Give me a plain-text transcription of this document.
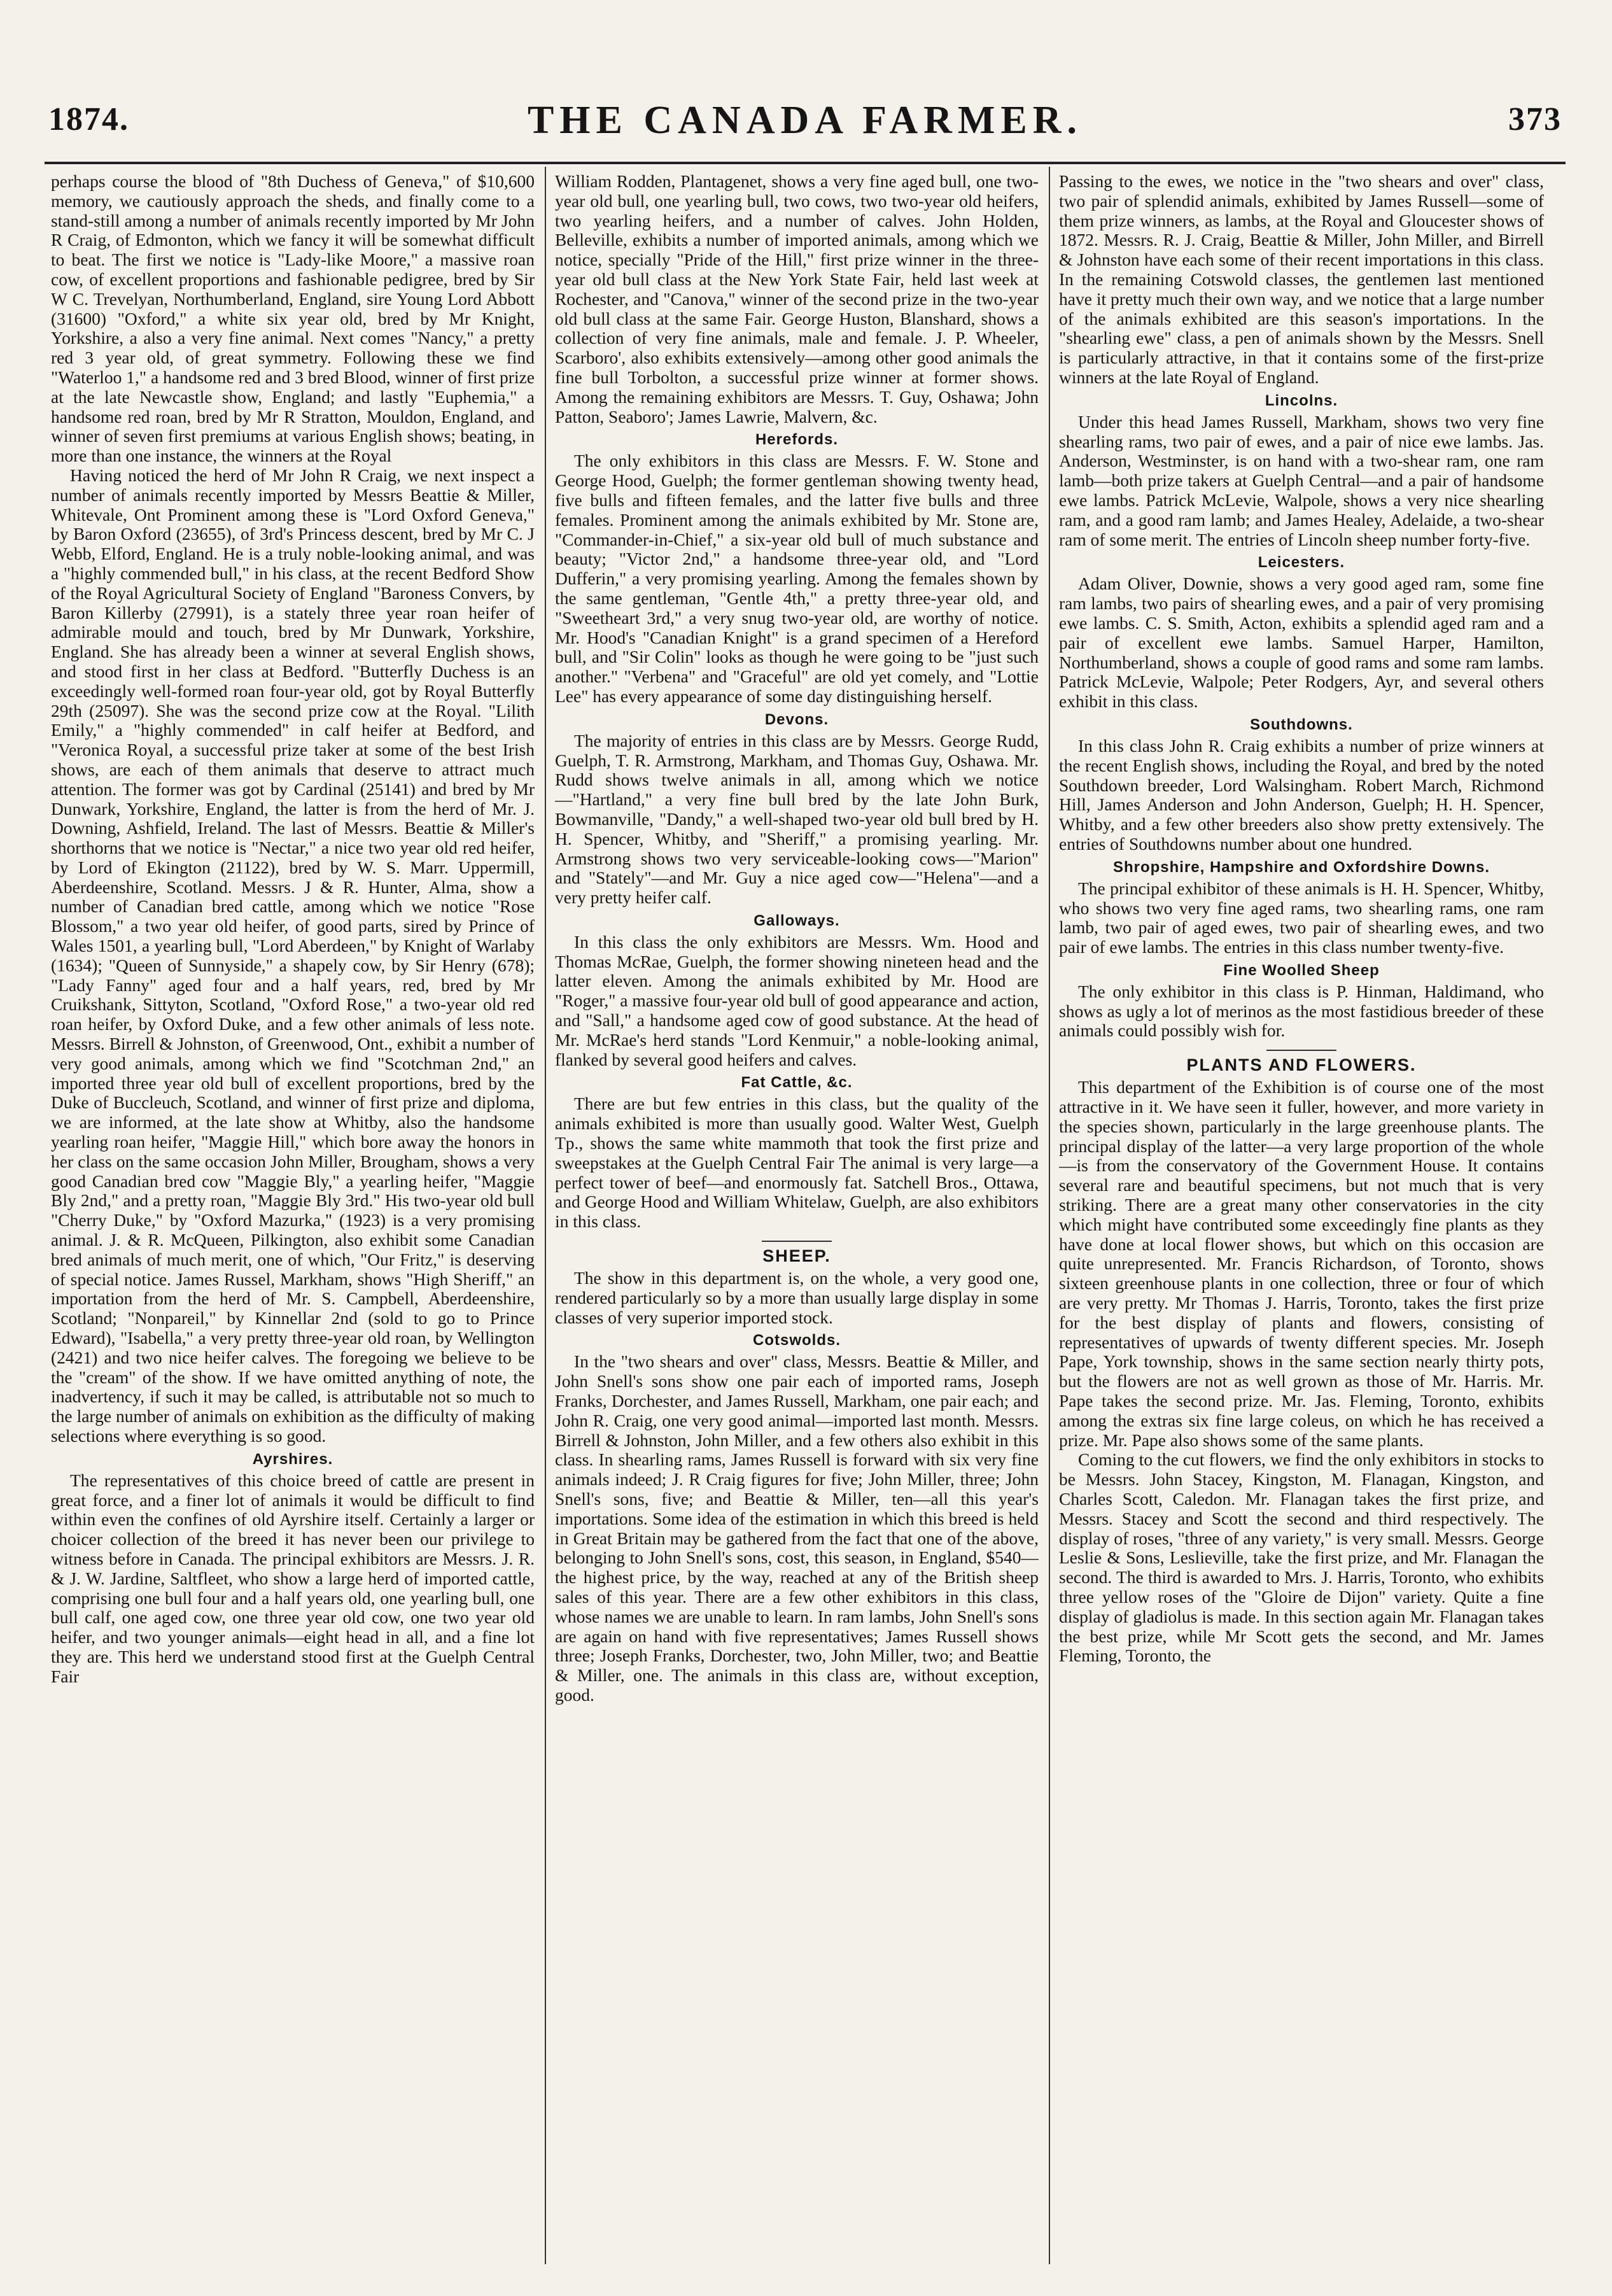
1874.	THE CANADA FARMER.	373

perhaps course the blood of "8th Duchess of Geneva," of $10,600 memory, we cautiously approach the sheds, and finally come to a stand-still among a number of animals recently imported by Mr John R Craig, of Edmonton, which we fancy it will be somewhat difficult to beat. The first we notice is "Lady-like Moore," a massive roan cow, of excellent proportions and fashionable pedigree, bred by Sir W C. Trevelyan, Northumberland, England, sire Young Lord Abbott (31600) "Oxford," a white six year old, bred by Mr Knight, Yorkshire, a also a very fine animal. Next comes "Nancy," a pretty red 3 year old, of great symmetry. Following these we find "Waterloo 1," a handsome red and 3 bred Blood, winner of first prize at the late Newcastle show, England; and lastly "Euphemia," a handsome red roan, bred by Mr R Stratton, Mouldon, England, and winner of seven first premiums at various English shows; beating, in more than one instance, the winners at the Royal

Having noticed the herd of Mr John R Craig, we next inspect a number of animals recently imported by Messrs Beattie & Miller, Whitevale, Ont Prominent among these is "Lord Oxford Geneva," by Baron Oxford (23655), of 3rd's Princess descent, bred by Mr C. J Webb, Elford, England. He is a truly noble-looking animal, and was a "highly commended bull," in his class, at the recent Bedford Show of the Royal Agricultural Society of England "Baroness Convers, by Baron Killerby (27991), is a stately three year roan heifer of admirable mould and touch, bred by Mr Dunwark, Yorkshire, England. She has already been a winner at several English shows, and stood first in her class at Bedford. "Butterfly Duchess is an exceedingly well-formed roan four-year old, got by Royal Butterfly 29th (25097). She was the second prize cow at the Royal. "Lilith Emily," a "highly commended" in calf heifer at Bedford, and "Veronica Royal, a successful prize taker at some of the best Irish shows, are each of them animals that deserve to attract much attention. The former was got by Cardinal (25141) and bred by Mr Dunwark, Yorkshire, England, the latter is from the herd of Mr. J. Downing, Ashfield, Ireland. The last of Messrs. Beattie & Miller's shorthorns that we notice is "Nectar," a nice two year old red heifer, by Lord of Ekington (21122), bred by W. S. Marr. Uppermill, Aberdeenshire, Scotland. Messrs. J & R. Hunter, Alma, show a number of Canadian bred cattle, among which we notice "Rose Blossom," a two year old heifer, of good parts, sired by Prince of Wales 1501, a yearling bull, "Lord Aberdeen," by Knight of Warlaby (1634); "Queen of Sunnyside," a shapely cow, by Sir Henry (678); "Lady Fanny" aged four and a half years, red, bred by Mr Cruikshank, Sittyton, Scotland, "Oxford Rose," a two-year old red roan heifer, by Oxford Duke, and a few other animals of less note. Messrs. Birrell & Johnston, of Greenwood, Ont., exhibit a number of very good animals, among which we find "Scotchman 2nd," an imported three year old bull of excellent proportions, bred by the Duke of Buccleuch, Scotland, and winner of first prize and diploma, we are informed, at the late show at Whitby, also the handsome yearling roan heifer, "Maggie Hill," which bore away the honors in her class on the same occasion John Miller, Brougham, shows a very good Canadian bred cow "Maggie Bly," a yearling heifer, "Maggie Bly 2nd," and a pretty roan, "Maggie Bly 3rd." His two-year old bull "Cherry Duke," by "Oxford Mazurka," (1923) is a very promising animal. J. & R. McQueen, Pilkington, also exhibit some Canadian bred animals of much merit, one of which, "Our Fritz," is deserving of special notice. James Russel, Markham, shows "High Sheriff," an importation from the herd of Mr. S. Campbell, Aberdeenshire, Scotland; "Nonpareil," by Kinnellar 2nd (sold to go to Prince Edward), "Isabella," a very pretty three-year old roan, by Wellington (2421) and two nice heifer calves. The foregoing we believe to be the "cream" of the show. If we have omitted anything of note, the inadvertency, if such it may be called, is attributable not so much to the large number of animals on exhibition as the difficulty of making selections where everything is so good.

Ayrshires.

The representatives of this choice breed of cattle are present in great force, and a finer lot of animals it would be difficult to find within even the confines of old Ayrshire itself. Certainly a larger or choicer collection of the breed it has never been our privilege to witness before in Canada. The principal exhibitors are Messrs. J. R. & J. W. Jardine, Saltfleet, who show a large herd of imported cattle, comprising one bull four and a half years old, one yearling bull, one bull calf, one aged cow, one three year old cow, one two year old heifer, and two younger animals—eight head in all, and a fine lot they are. This herd we understand stood first at the Guelph Central Fair

William Rodden, Plantagenet, shows a very fine aged bull, one two-year old bull, one yearling bull, two cows, two two-year old heifers, two yearling heifers, and a number of calves. John Holden, Belleville, exhibits a number of imported animals, among which we notice, specially "Pride of the Hill," first prize winner in the three-year old bull class at the New York State Fair, held last week at Rochester, and "Canova," winner of the second prize in the two-year old bull class at the same Fair. George Huston, Blanshard, shows a collection of very fine animals, male and female. J. P. Wheeler, Scarboro', also exhibits extensively—among other good animals the fine bull Torbolton, a successful prize winner at former shows. Among the remaining exhibitors are Messrs. T. Guy, Oshawa; John Patton, Seaboro'; James Lawrie, Malvern, &c.

Herefords.

The only exhibitors in this class are Messrs. F. W. Stone and George Hood, Guelph; the former gentleman showing twenty head, five bulls and fifteen females, and the latter five bulls and three females. Prominent among the animals exhibited by Mr. Stone are, "Commander-in-Chief," a six-year old bull of much substance and beauty; "Victor 2nd," a handsome three-year old, and "Lord Dufferin," a very promising yearling. Among the females shown by the same gentleman, "Gentle 4th," a pretty three-year old, and "Sweetheart 3rd," a very snug two-year old, are worthy of notice. Mr. Hood's "Canadian Knight" is a grand specimen of a Hereford bull, and "Sir Colin" looks as though he were going to be "just such another." "Verbena" and "Graceful" are old yet comely, and "Lottie Lee" has every appearance of some day distinguishing herself.

Devons.

The majority of entries in this class are by Messrs. George Rudd, Guelph, T. R. Armstrong, Markham, and Thomas Guy, Oshawa. Mr. Rudd shows twelve animals in all, among which we notice—"Hartland," a very fine bull bred by the late John Burk, Bowmanville, "Dandy," a well-shaped two-year old bull bred by H. H. Spencer, Whitby, and "Sheriff," a promising yearling. Mr. Armstrong shows two very serviceable-looking cows—"Marion" and "Stately"—and Mr. Guy a nice aged cow—"Helena"—and a very pretty heifer calf.

Galloways.

In this class the only exhibitors are Messrs. Wm. Hood and Thomas McRae, Guelph, the former showing nineteen head and the latter eleven. Among the animals exhibited by Mr. Hood are "Roger," a massive four-year old bull of good appearance and action, and "Sall," a handsome aged cow of good substance. At the head of Mr. McRae's herd stands "Lord Kenmuir," a noble-looking animal, flanked by several good heifers and calves.

Fat Cattle, &c.

There are but few entries in this class, but the quality of the animals exhibited is more than usually good. Walter West, Guelph Tp., shows the same white mammoth that took the first prize and sweepstakes at the Guelph Central Fair The animal is very large—a perfect tower of beef—and enormously fat. Satchell Bros., Ottawa, and George Hood and William Whitelaw, Guelph, are also exhibitors in this class.

SHEEP.

The show in this department is, on the whole, a very good one, rendered particularly so by a more than usually large display in some classes of very superior imported stock.

Cotswolds.

In the "two shears and over" class, Messrs. Beattie & Miller, and John Snell's sons show one pair each of imported rams, Joseph Franks, Dorchester, and James Russell, Markham, one pair each; and John R. Craig, one very good animal—imported last month. Messrs. Birrell & Johnston, John Miller, and a few others also exhibit in this class. In shearling rams, James Russell is forward with six very fine animals indeed; J. R Craig figures for five; John Miller, three; John Snell's sons, five; and Beattie & Miller, ten—all this year's importations. Some idea of the estimation in which this breed is held in Great Britain may be gathered from the fact that one of the above, belonging to John Snell's sons, cost, this season, in England, $540—the highest price, by the way, reached at any of the British sheep sales of this year. There are a few other exhibitors in this class, whose names we are unable to learn. In ram lambs, John Snell's sons are again on hand with five representatives; James Russell shows three; Joseph Franks, Dorchester, two, John Miller, two; and Beattie & Miller, one. The animals in this class are, without exception, good.

Passing to the ewes, we notice in the "two shears and over" class, two pair of splendid animals, exhibited by James Russell—some of them prize winners, as lambs, at the Royal and Gloucester shows of 1872. Messrs. R. J. Craig, Beattie & Miller, John Miller, and Birrell & Johnston have each some of their recent importations in this class. In the remaining Cotswold classes, the gentlemen last mentioned have it pretty much their own way, and we notice that a large number of the animals exhibited are this season's importations. In the "shearling ewe" class, a pen of animals shown by the Messrs. Snell is particularly attractive, in that it contains some of the first-prize winners at the late Royal of England.

Lincolns.

Under this head James Russell, Markham, shows two very fine shearling rams, two pair of ewes, and a pair of nice ewe lambs. Jas. Anderson, Westminster, is on hand with a two-shear ram, one ram lamb—both prize takers at Guelph Central—and a pair of handsome ewe lambs. Patrick McLevie, Walpole, shows a very nice shearling ram, and a good ram lamb; and James Healey, Adelaide, a two-shear ram of some merit. The entries of Lincoln sheep number forty-five.

Leicesters.

Adam Oliver, Downie, shows a very good aged ram, some fine ram lambs, two pairs of shearling ewes, and a pair of very promising ewe lambs. C. S. Smith, Acton, exhibits a splendid aged ram and a pair of excellent ewe lambs. Samuel Harper, Hamilton, Northumberland, shows a couple of good rams and some ram lambs. Patrick McLevie, Walpole; Peter Rodgers, Ayr, and several others exhibit in this class.

Southdowns.

In this class John R. Craig exhibits a number of prize winners at the recent English shows, including the Royal, and bred by the noted Southdown breeder, Lord Walsingham. Robert March, Richmond Hill, James Anderson and John Anderson, Guelph; H. H. Spencer, Whitby, and a few other breeders also show pretty extensively. The entries of Southdowns number about one hundred.

Shropshire, Hampshire and Oxfordshire Downs.

The principal exhibitor of these animals is H. H. Spencer, Whitby, who shows two very fine aged rams, two shearling rams, one ram lamb, two pair of aged ewes, two pair of shearling ewes, and two pair of ewe lambs. The entries in this class number twenty-five.

Fine Woolled Sheep

The only exhibitor in this class is P. Hinman, Haldimand, who shows as ugly a lot of merinos as the most fastidious breeder of these animals could possibly wish for.

PLANTS AND FLOWERS.

This department of the Exhibition is of course one of the most attractive in it. We have seen it fuller, however, and more variety in the species shown, particularly in the large greenhouse plants. The principal display of the latter—a very large proportion of the whole—is from the conservatory of the Government House. It contains several rare and beautiful specimens, but not much that is very striking. There are a great many other conservatories in the city which might have contributed some exceedingly fine plants as they have done at local flower shows, but which on this occasion are quite unrepresented. Mr. Francis Richardson, of Toronto, shows sixteen greenhouse plants in one collection, three or four of which are very pretty. Mr Thomas J. Harris, Toronto, takes the first prize for the best display of plants and flowers, consisting of representatives of upwards of twenty different species. Mr. Joseph Pape, York township, shows in the same section nearly thirty pots, but the flowers are not as well grown as those of Mr. Harris. Mr. Pape takes the second prize. Mr. Jas. Fleming, Toronto, exhibits among the extras six fine large coleus, on which he has received a prize. Mr. Pape also shows some of the same plants.

Coming to the cut flowers, we find the only exhibitors in stocks to be Messrs. John Stacey, Kingston, M. Flanagan, Kingston, and Charles Scott, Caledon. Mr. Flanagan takes the first prize, and Messrs. Stacey and Scott the second and third respectively. The display of roses, "three of any variety," is very small. Messrs. George Leslie & Sons, Leslieville, take the first prize, and Mr. Flanagan the second. The third is awarded to Mrs. J. Harris, Toronto, who exhibits three yellow roses of the "Gloire de Dijon" variety. Quite a fine display of gladiolus is made. In this section again Mr. Flanagan takes the best prize, while Mr Scott gets the second, and Mr. James Fleming, Toronto, the
